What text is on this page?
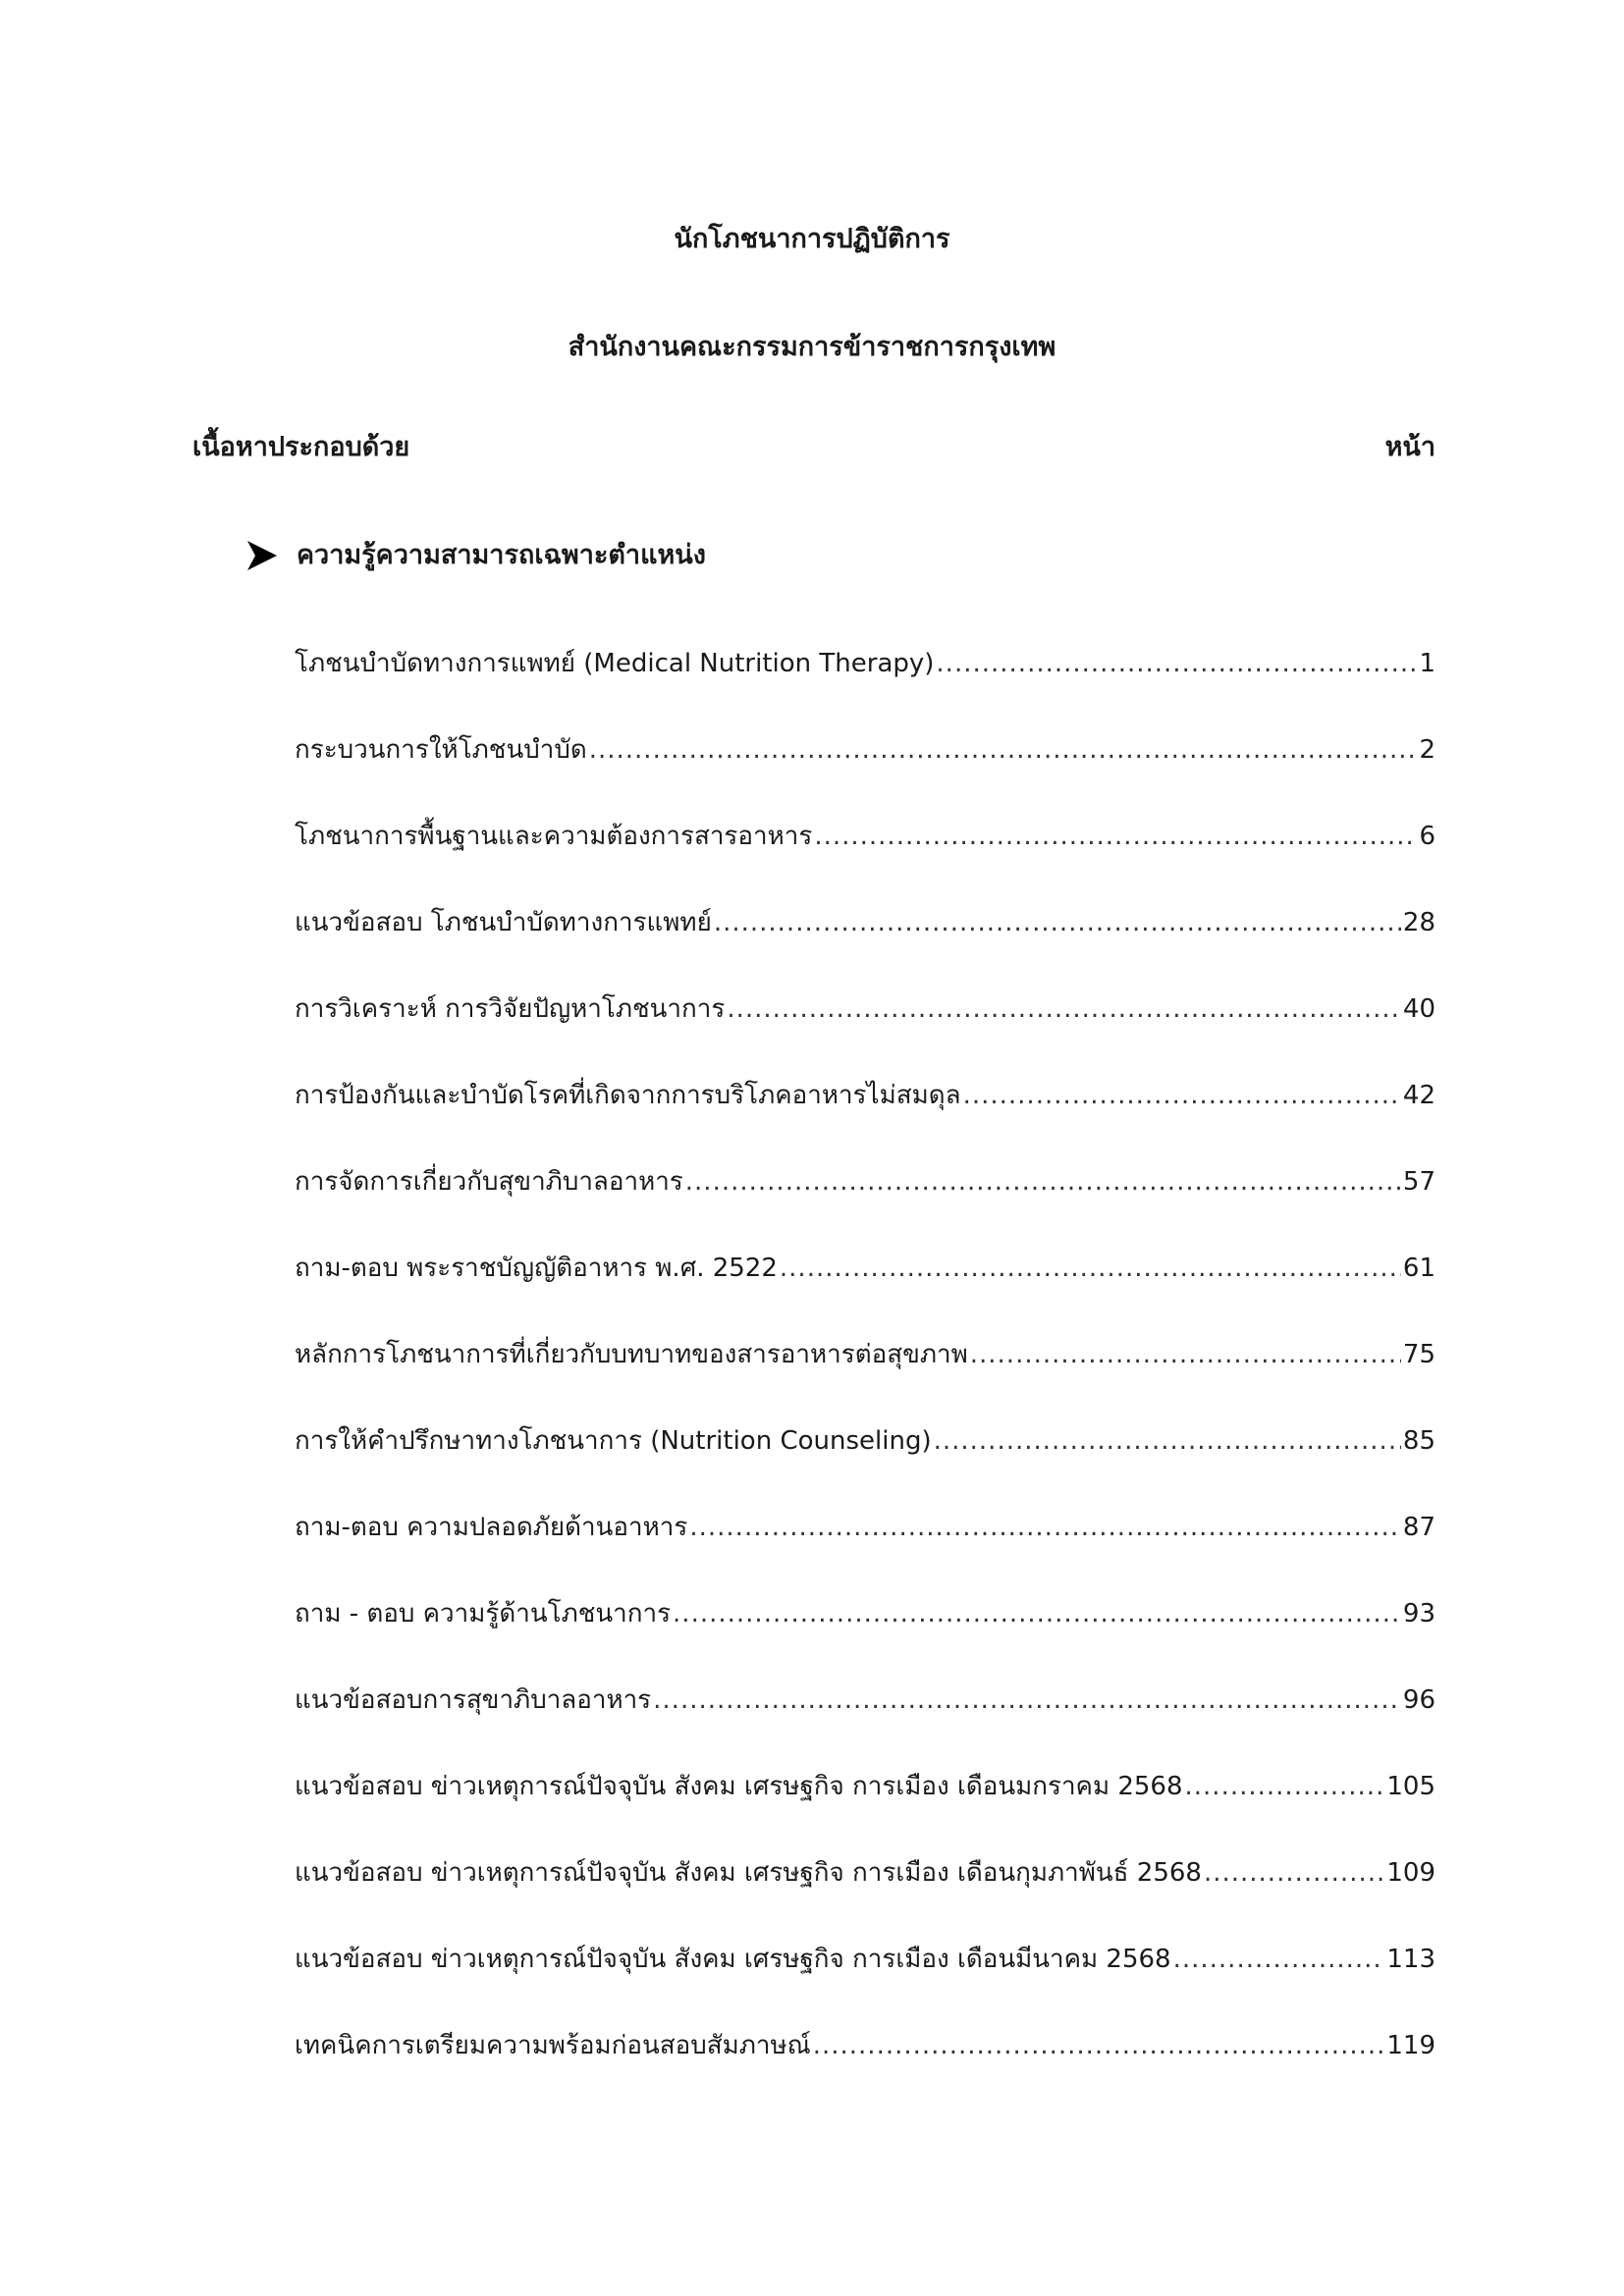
นักโภชนาการปฏิบัติการ
สำนักงานคณะกรรมการข้าราชการกรุงเทพ
เนื้อหาประกอบด้วย	หน้า
ความรู้ความสามารถเฉพาะตำแหน่ง
โภชนบำบัดทางการแพทย์ (Medical Nutrition Therapy) .....	1
กระบวนการให้โภชนบำบัด .....	2
โภชนาการพื้นฐานและความต้องการสารอาหาร .....	6
แนวข้อสอบ โภชนบำบัดทางการแพทย์ .....	28
การวิเคราะห์ การวิจัยปัญหาโภชนาการ .....	40
การป้องกันและบำบัดโรคที่เกิดจากการบริโภคอาหารไม่สมดุล .....	42
การจัดการเกี่ยวกับสุขาภิบาลอาหาร .....	57
ถาม-ตอบ พระราชบัญญัติอาหาร พ.ศ. 2522 .....	61
หลักการโภชนาการที่เกี่ยวกับบทบาทของสารอาหารต่อสุขภาพ .....	75
การให้คำปรึกษาทางโภชนาการ (Nutrition Counseling) .....	85
ถาม-ตอบ ความปลอดภัยด้านอาหาร .....	87
ถาม - ตอบ ความรู้ด้านโภชนาการ .....	93
แนวข้อสอบการสุขาภิบาลอาหาร .....	96
แนวข้อสอบ ข่าวเหตุการณ์ปัจจุบัน สังคม เศรษฐกิจ การเมือง เดือนมกราคม 2568 .....	105
แนวข้อสอบ ข่าวเหตุการณ์ปัจจุบัน สังคม เศรษฐกิจ การเมือง เดือนกุมภาพันธ์ 2568 .....	109
แนวข้อสอบ ข่าวเหตุการณ์ปัจจุบัน สังคม เศรษฐกิจ การเมือง เดือนมีนาคม 2568 .....	113
เทคนิคการเตรียมความพร้อมก่อนสอบสัมภาษณ์ .....	119
